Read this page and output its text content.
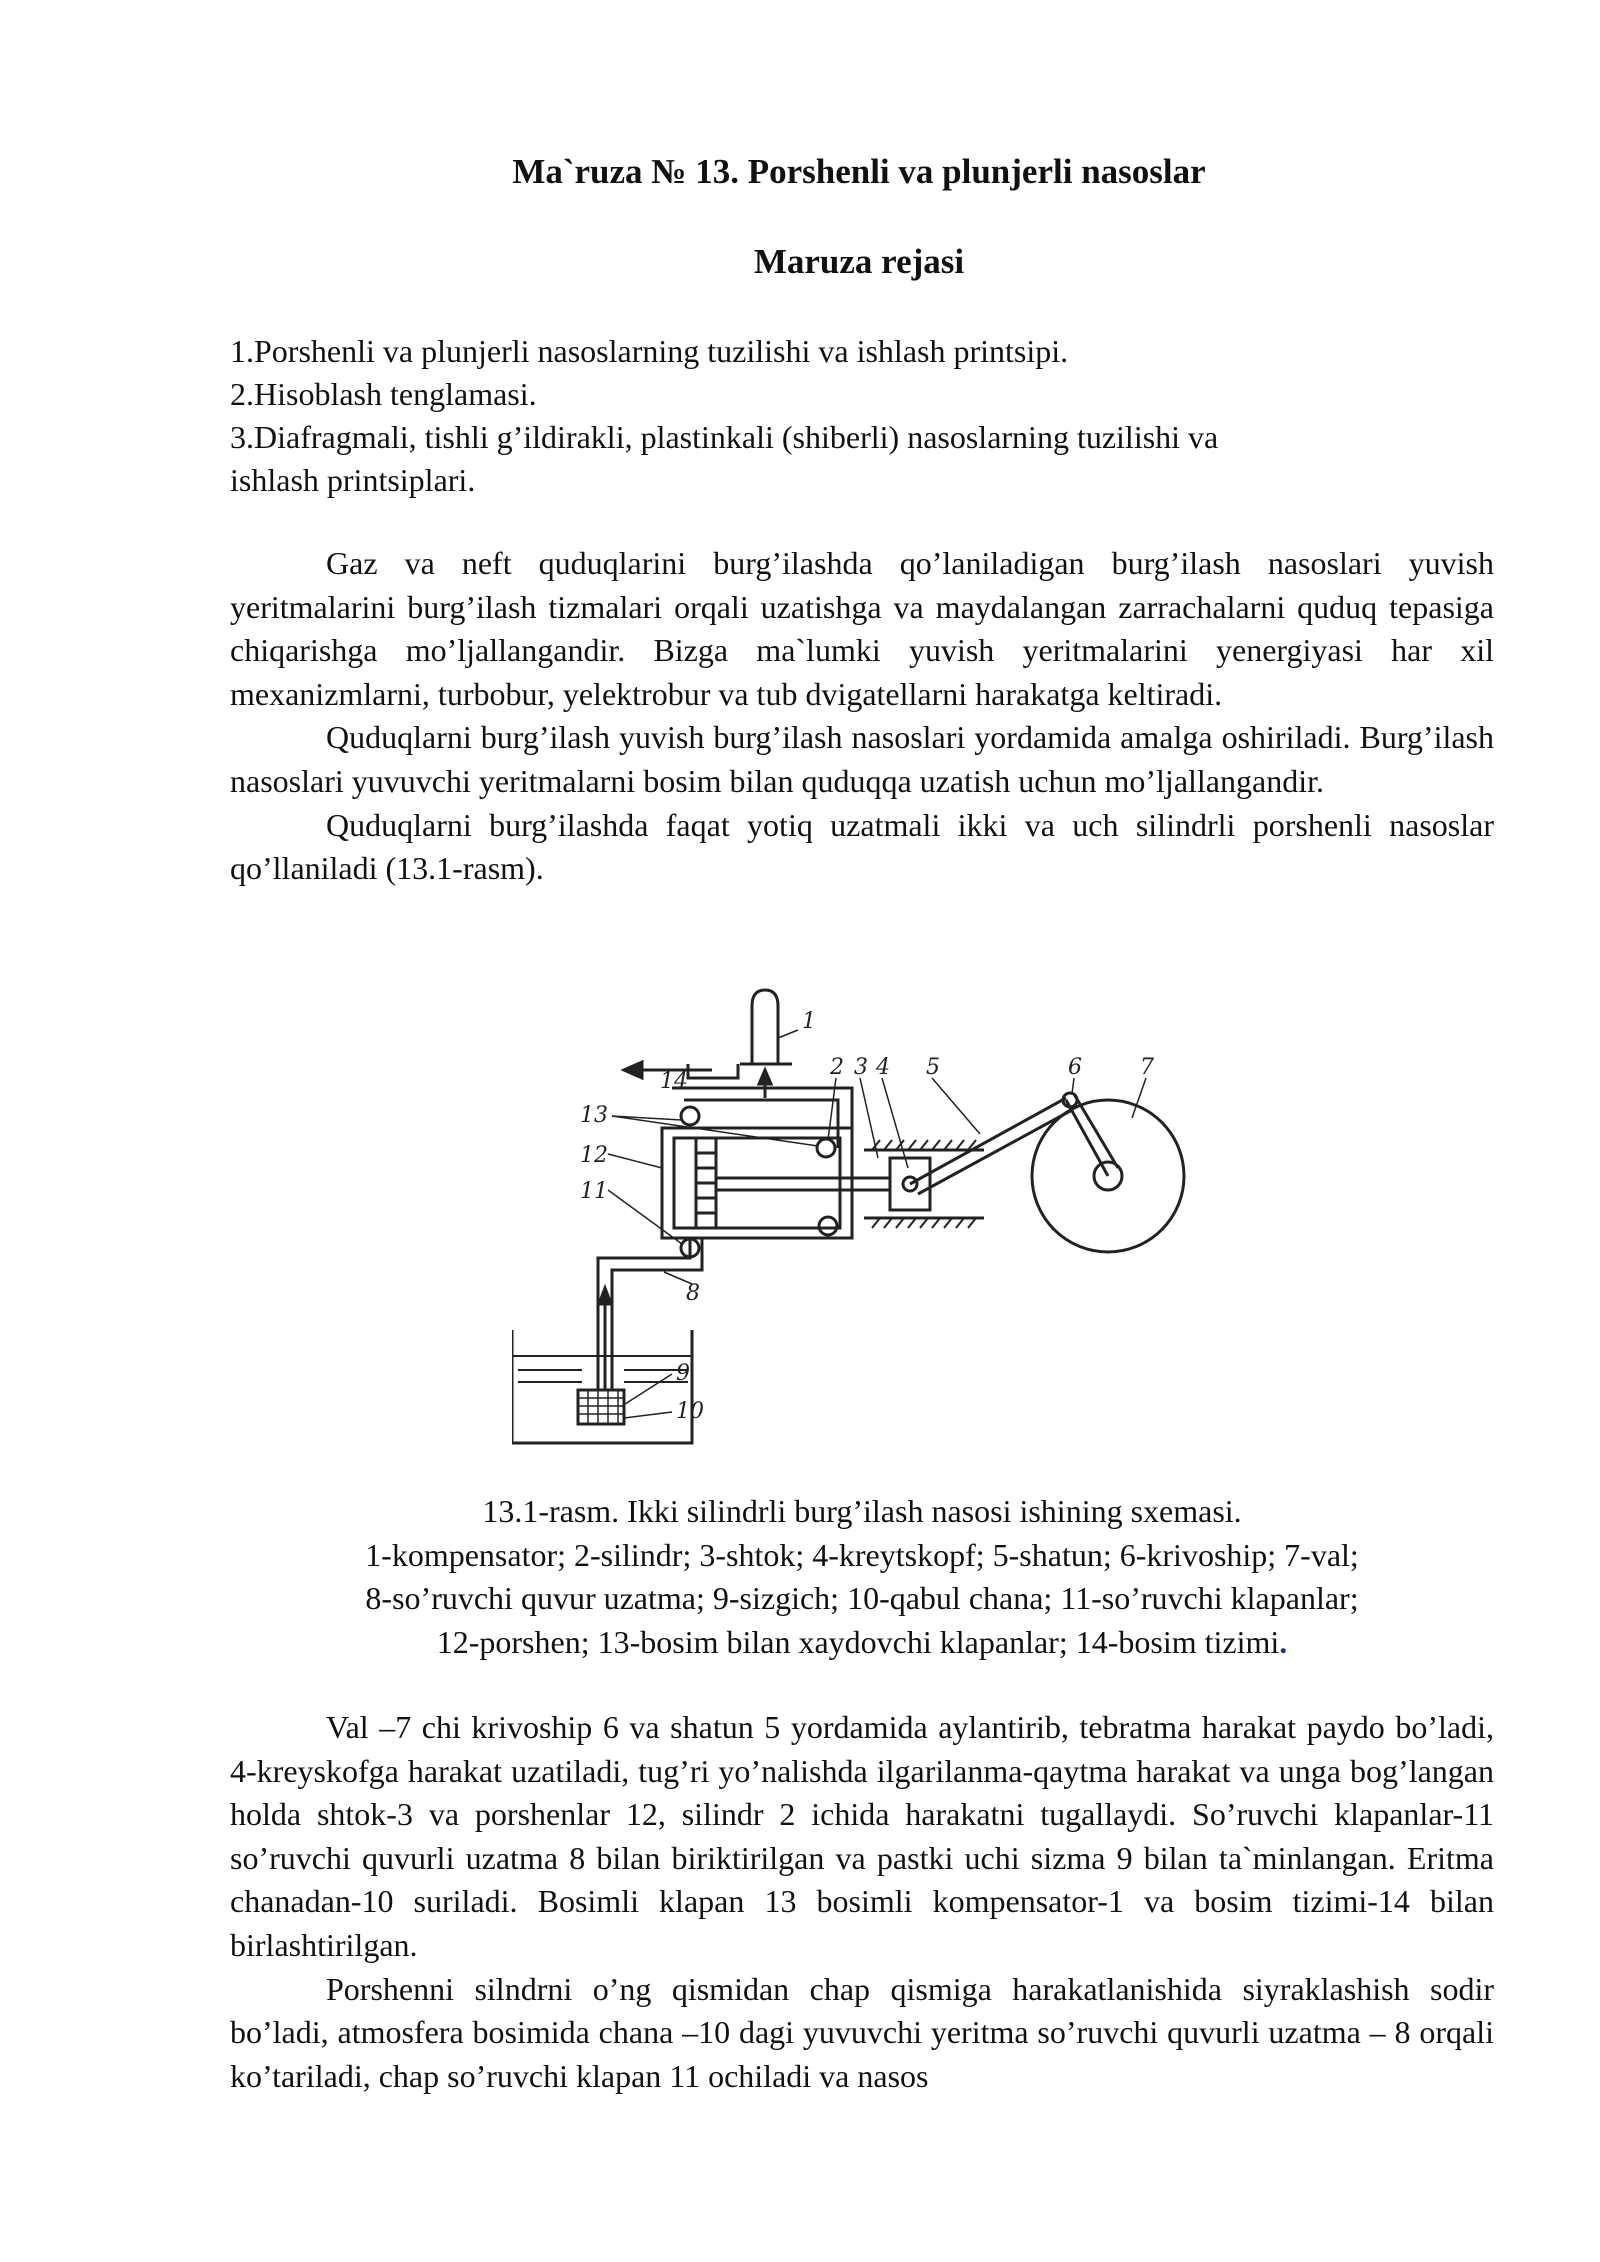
Ma`ruza № 13. Porshenli va plunjerli nasoslar
Maruza rejasi
1.Porshenli va plunjerli nasoslarning tuzilishi va ishlash printsipi.
2.Hisoblash tenglamasi.
3.Diafragmali, tishli g’ildirakli, plastinkali (shiberli) nasoslarning tuzilishi va
ishlash printsiplari.

Gaz va neft quduqlarini burg’ilashda qo’laniladigan burg’ilash nasoslari yuvish yeritmalarini burg’ilash tizmalari orqali uzatishga va maydalangan zarrachalarni quduq tepasiga chiqarishga mo’ljallangandir. Bizga ma`lumki yuvish yeritmalarini yenergiyasi har xil mexanizmlarni, turbobur, yelektrobur va tub dvigatellarni harakatga keltiradi.

Quduqlarni burg’ilash yuvish burg’ilash nasoslari yordamida amalga oshiriladi. Burg’ilash nasoslari yuvuvchi yeritmalarni bosim bilan quduqqa uzatish uchun mo’ljallangandir.

Quduqlarni burg’ilashda faqat yotiq uzatmali ikki va uch silindrli porshenli nasoslar qo’llaniladi (13.1-rasm).

1
2 3 4 5	6	7
8
9
10
11
12
13
14
13.1-rasm. Ikki silindrli burg’ilash nasosi ishining sxemasi.
1-kompensator; 2-silindr; 3-shtok; 4-kreytskopf; 5-shatun; 6-krivoship; 7-val;
8-so’ruvchi quvur uzatma; 9-sizgich; 10-qabul chana; 11-so’ruvchi klapanlar;
12-porshen; 13-bosim bilan xaydovchi klapanlar; 14-bosim tizimi.

Val –7 chi krivoship 6 va shatun 5 yordamida aylantirib, tebratma harakat paydo bo’ladi, 4-kreyskofga harakat uzatiladi, tug’ri yo’nalishda ilgarilanma-qaytma harakat va unga bog’langan holda shtok-3 va porshenlar 12, silindr 2 ichida harakatni tugallaydi. So’ruvchi klapanlar-11 so’ruvchi quvurli uzatma 8 bilan biriktirilgan va pastki uchi sizma 9 bilan ta`minlangan. Eritma chanadan-10 suriladi. Bosimli klapan 13 bosimli kompensator-1 va bosim tizimi-14 bilan birlashtirilgan.

Porshenni silndrni o’ng qismidan chap qismiga harakatlanishida siyraklashish sodir bo’ladi, atmosfera bosimida chana –10 dagi yuvuvchi yeritma so’ruvchi quvurli uzatma – 8 orqali ko’tariladi, chap so’ruvchi klapan 11 ochiladi va nasos
